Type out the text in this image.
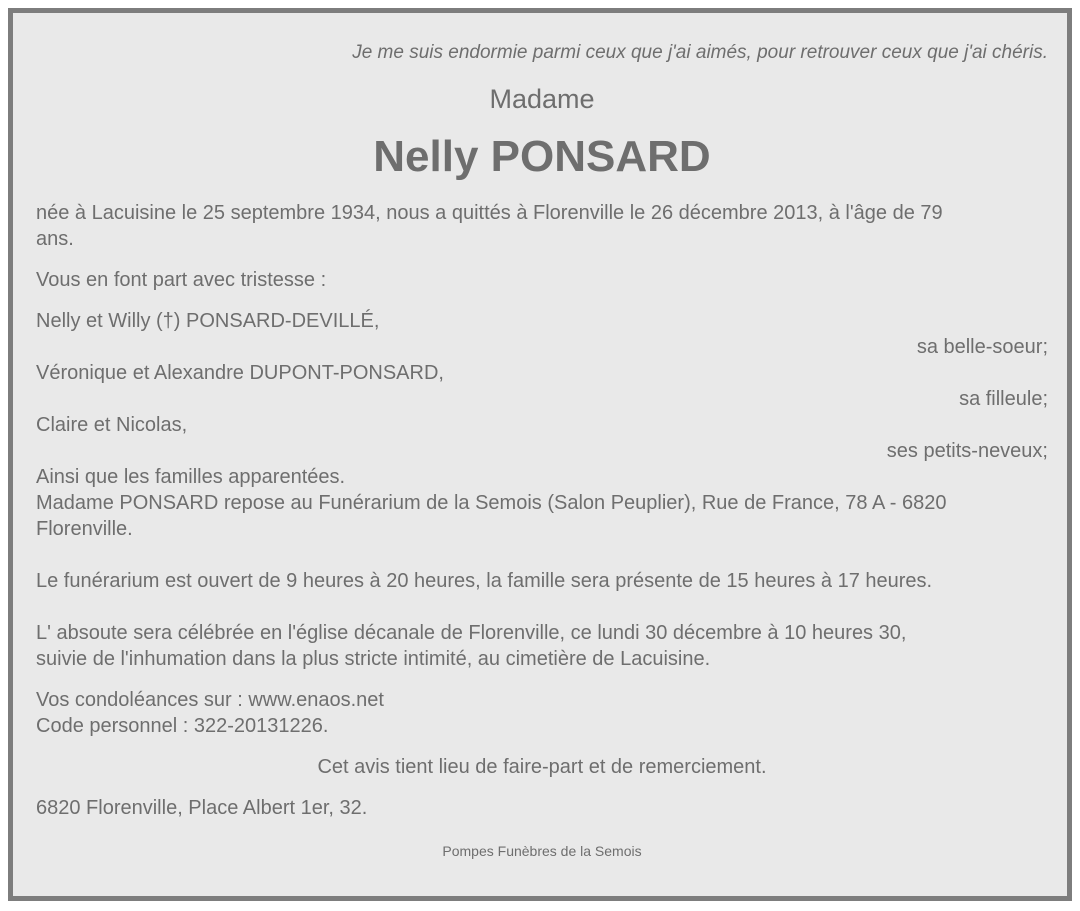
Je me suis endormie parmi ceux que j'ai aimés, pour retrouver ceux que j'ai chéris.
Madame
Nelly PONSARD
née à Lacuisine le 25 septembre 1934, nous a quittés à Florenville le 26 décembre 2013, à l'âge de 79
ans.
Vous en font part avec tristesse :
Nelly et Willy (†) PONSARD-DEVILLÉ,
sa belle-soeur;
Véronique et Alexandre DUPONT-PONSARD,
sa filleule;
Claire et Nicolas,
ses petits-neveux;
Ainsi que les familles apparentées.
Madame PONSARD repose au Funérarium de la Semois (Salon Peuplier), Rue de France, 78 A - 6820
Florenville.
Le funérarium est ouvert de 9 heures à 20 heures, la famille sera présente de 15 heures à 17 heures.
L' absoute sera célébrée en l'église décanale de Florenville, ce lundi 30 décembre à 10 heures 30,
suivie de l'inhumation dans la plus stricte intimité, au cimetière de Lacuisine.
Vos condoléances sur : www.enaos.net
Code personnel : 322-20131226.
Cet avis tient lieu de faire-part et de remerciement.
6820 Florenville, Place Albert 1er, 32.
Pompes Funèbres de la Semois
